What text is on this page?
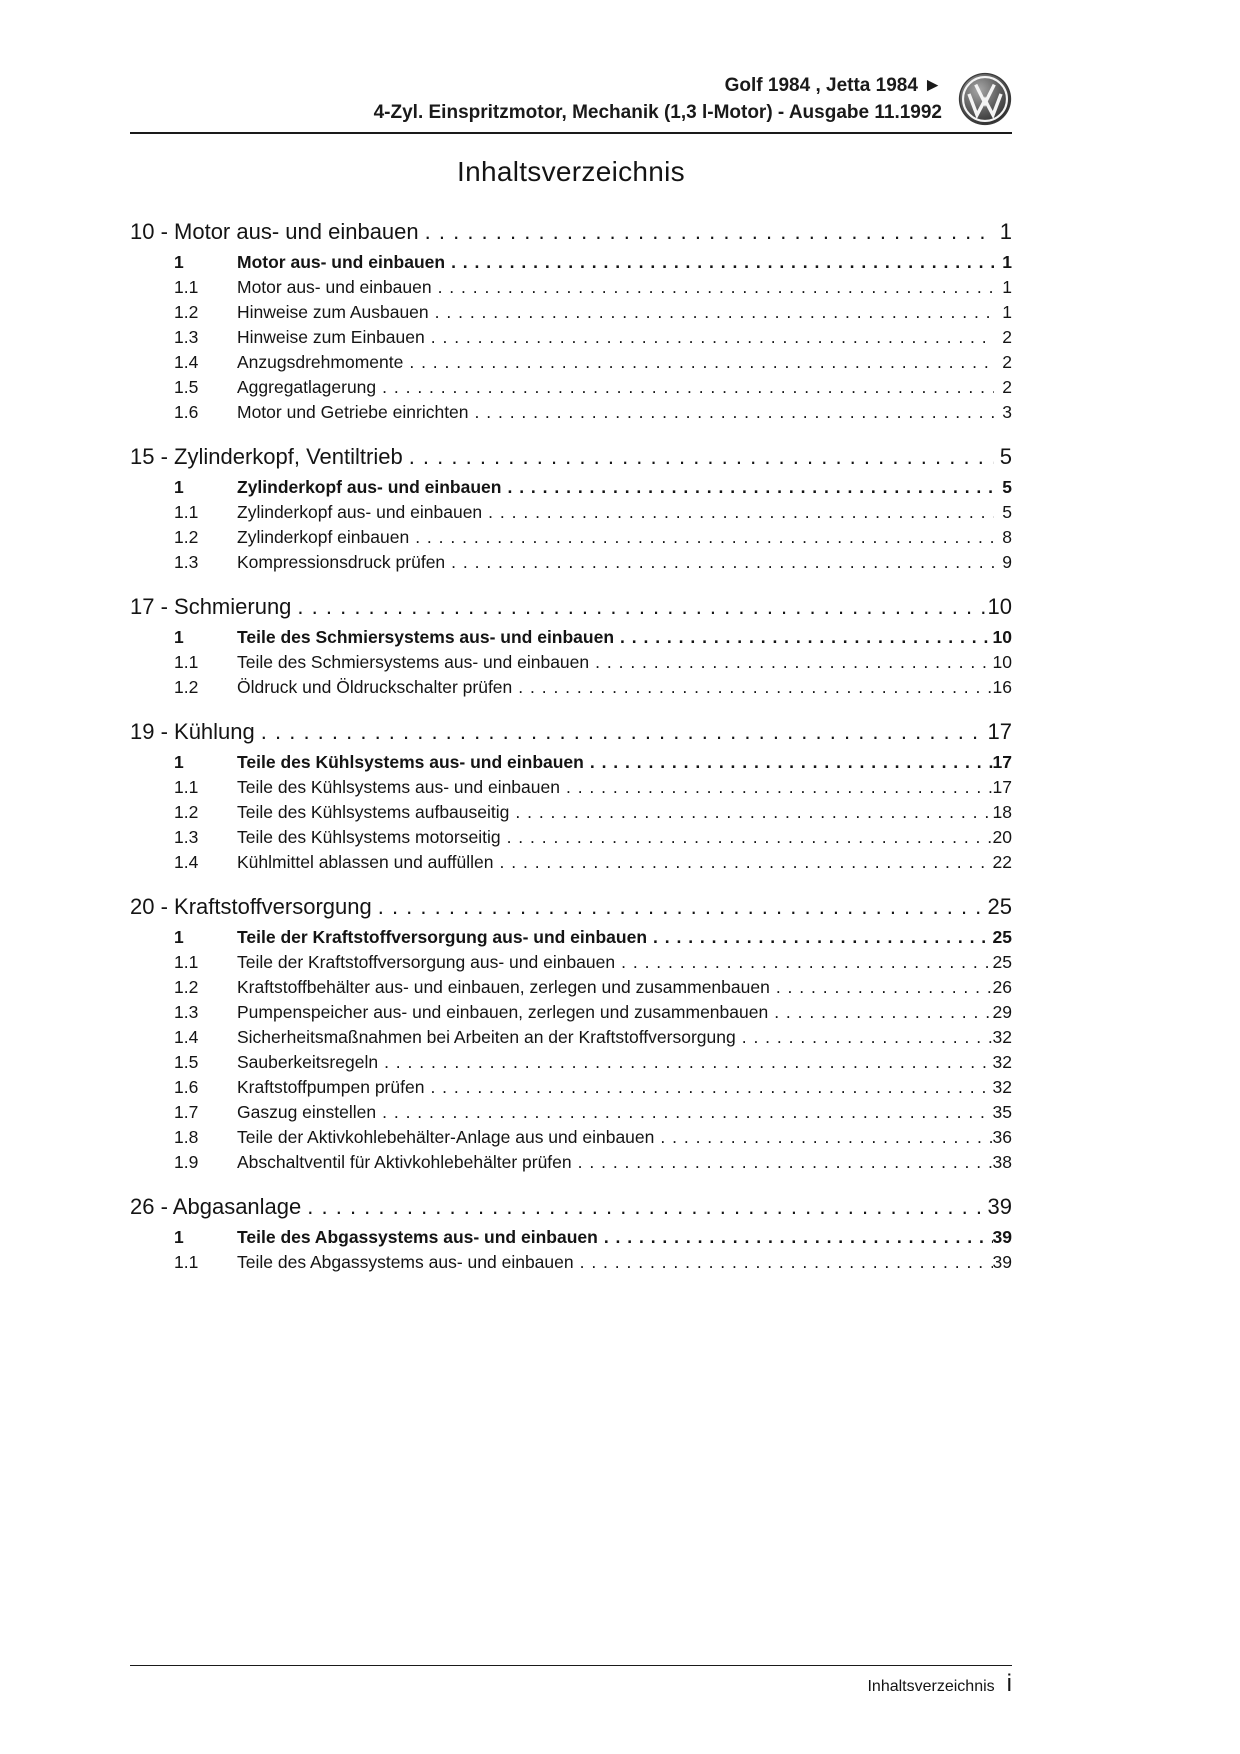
Golf 1984 , Jetta 1984 ►
4-Zyl. Einspritzmotor, Mechanik (1,3 l-Motor) - Ausgabe 11.1992
Inhaltsverzeichnis
10 - Motor aus- und einbauen . . .	1
1	Motor aus- und einbauen . . .	1
1.1	Motor aus- und einbauen . . .	1
1.2	Hinweise zum Ausbauen . . .	1
1.3	Hinweise zum Einbauen . . .	2
1.4	Anzugsdrehmomente . . .	2
1.5	Aggregatlagerung . . .	2
1.6	Motor und Getriebe einrichten . . .	3
15 - Zylinderkopf, Ventiltrieb . . .	5
1	Zylinderkopf aus- und einbauen . . .	5
1.1	Zylinderkopf aus- und einbauen . . .	5
1.2	Zylinderkopf einbauen . . .	8
1.3	Kompressionsdruck prüfen . . .	9
17 - Schmierung . . .	10
1	Teile des Schmiersystems aus- und einbauen . . .	10
1.1	Teile des Schmiersystems aus- und einbauen . . .	10
1.2	Öldruck und Öldruckschalter prüfen . . .	16
19 - Kühlung . . .	17
1	Teile des Kühlsystems aus- und einbauen . . .	17
1.1	Teile des Kühlsystems aus- und einbauen . . .	17
1.2	Teile des Kühlsystems aufbauseitig . . .	18
1.3	Teile des Kühlsystems motorseitig . . .	20
1.4	Kühlmittel ablassen und auffüllen . . .	22
20 - Kraftstoffversorgung . . .	25
1	Teile der Kraftstoffversorgung aus- und einbauen . . .	25
1.1	Teile der Kraftstoffversorgung aus- und einbauen . . .	25
1.2	Kraftstoffbehälter aus- und einbauen, zerlegen und zusammenbauen . . .	26
1.3	Pumpenspeicher aus- und einbauen, zerlegen und zusammenbauen . . .	29
1.4	Sicherheitsmaßnahmen bei Arbeiten an der Kraftstoffversorgung . . .	32
1.5	Sauberkeitsregeln . . .	32
1.6	Kraftstoffpumpen prüfen . . .	32
1.7	Gaszug einstellen . . .	35
1.8	Teile der Aktivkohlebehälter-Anlage aus und einbauen . . .	36
1.9	Abschaltventil für Aktivkohlebehälter prüfen . . .	38
26 - Abgasanlage . . .	39
1	Teile des Abgassystems aus- und einbauen . . .	39
1.1	Teile des Abgassystems aus- und einbauen . . .	39
Inhaltsverzeichnis i
